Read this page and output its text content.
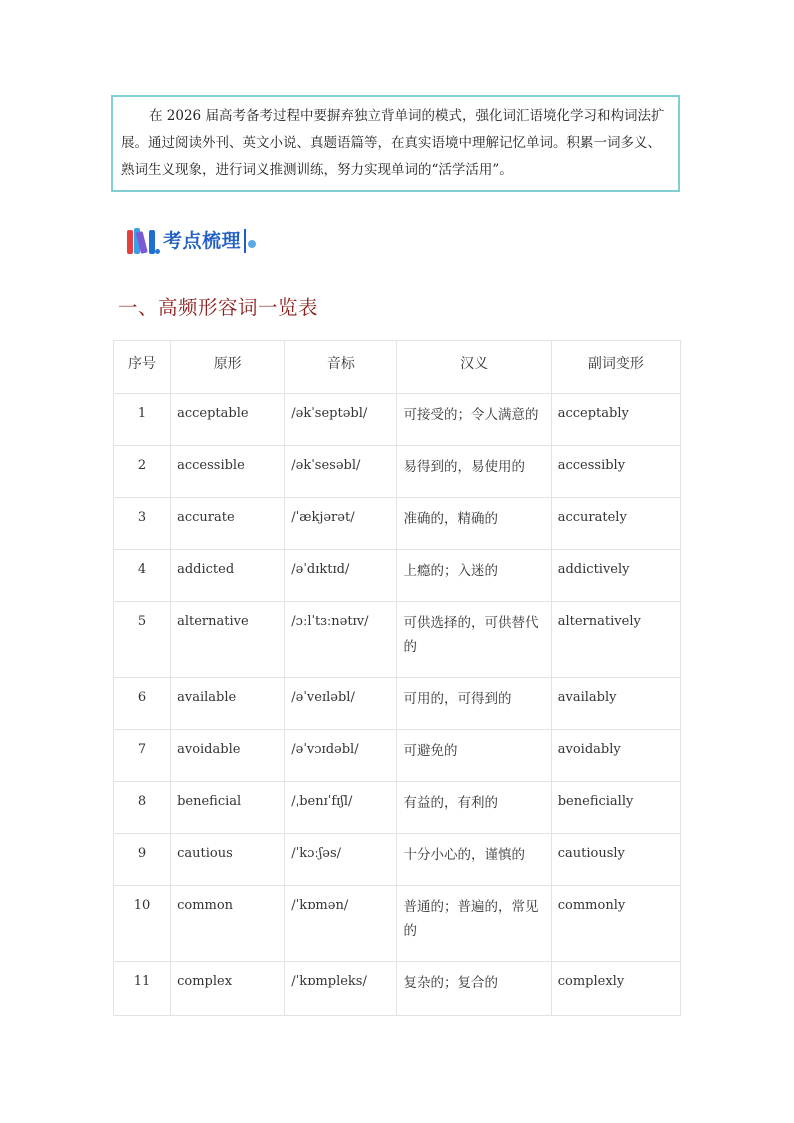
在 2026 届高考备考过程中要摒弃独立背单词的模式，强化词汇语境化学习和构词法扩展。通过阅读外刊、英文小说、真题语篇等，在真实语境中理解记忆单词。积累一词多义、熟词生义现象，进行词义推测训练，努力实现单词的“活学活用”。
考点梳理
一、高频形容词一览表
序号	原形	音标	汉义	副词变形
1	acceptable	/əkˈseptəbl/	可接受的；令人满意的	acceptably
2	accessible	/əkˈsesəbl/	易得到的，易使用的	accessibly
3	accurate	/ˈækjərət/	准确的，精确的	accurately
4	addicted	/əˈdɪktɪd/	上瘾的；入迷的	addictively
5	alternative	/ɔːlˈtɜːnətɪv/	可供选择的，可供替代的	alternatively
6	available	/əˈveɪləbl/	可用的，可得到的	availably
7	avoidable	/əˈvɔɪdəbl/	可避免的	avoidably
8	beneficial	/ˌbenɪˈfɪʃl/	有益的，有利的	beneficially
9	cautious	/ˈkɔːʃəs/	十分小心的，谨慎的	cautiously
10	common	/ˈkɒmən/	普通的；普遍的，常见的	commonly
11	complex	/ˈkɒmpleks/	复杂的；复合的	complexly
